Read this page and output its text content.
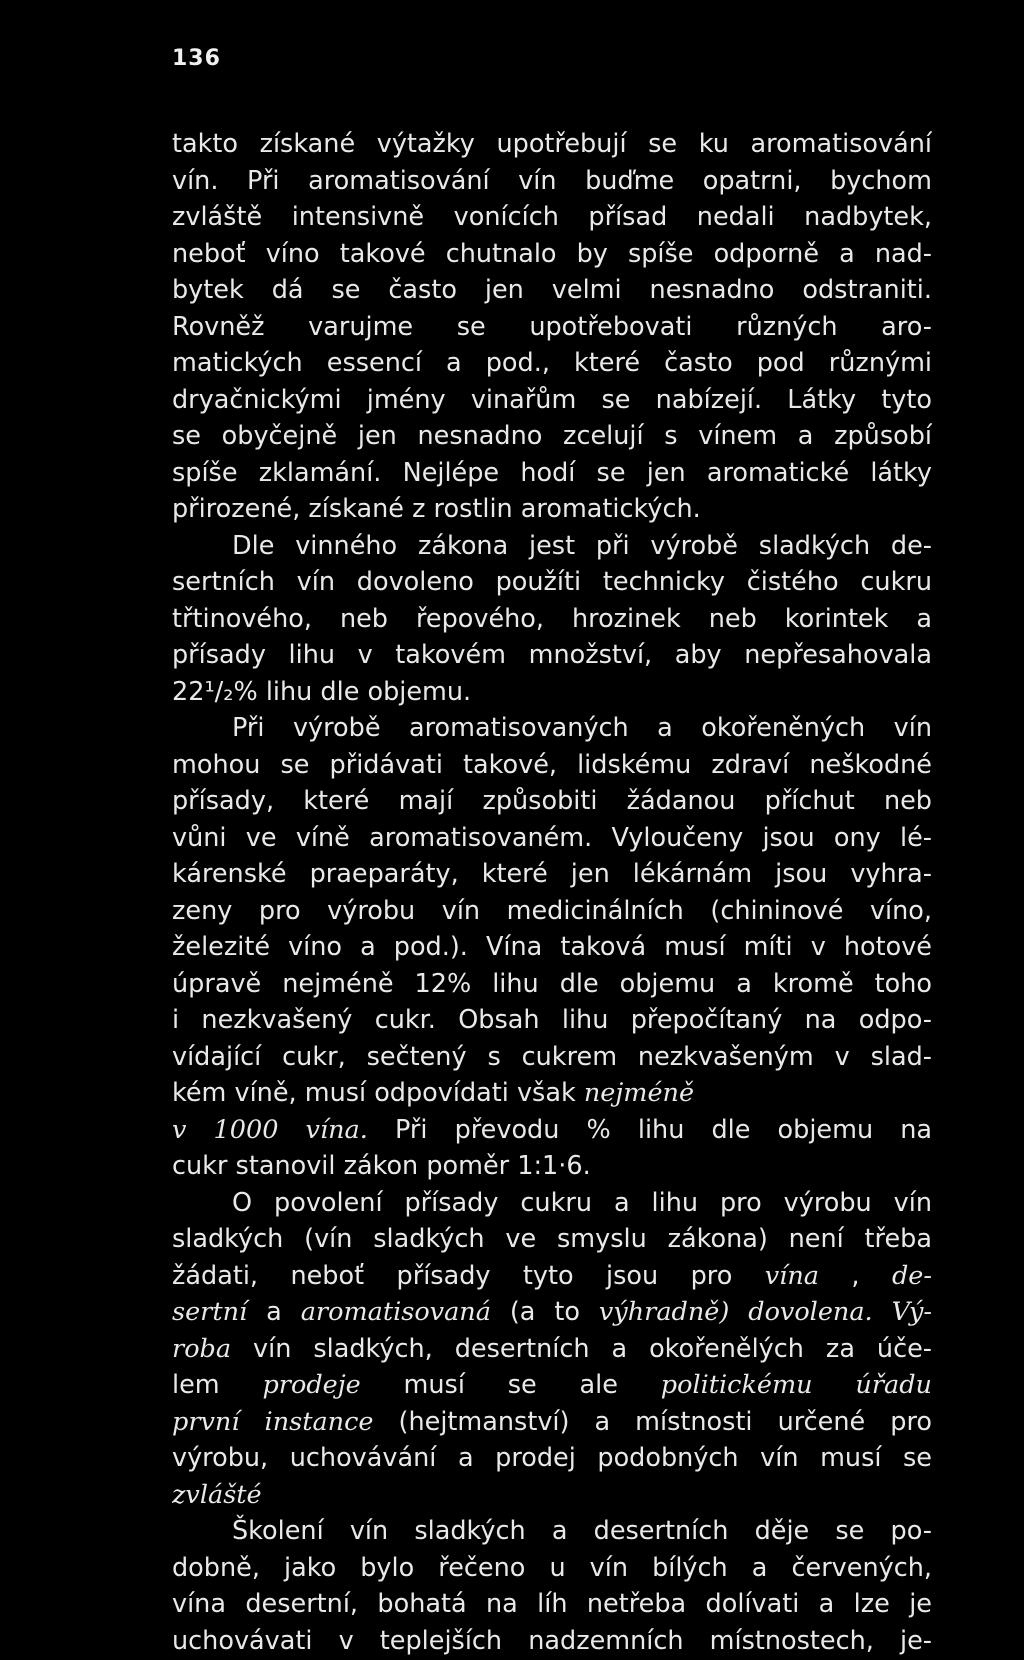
136
takto získané výtažky upotřebují se ku aromatisování
vín. Při aromatisování vín buďme opatrni, bychom
zvláště intensivně vonících přísad nedali nadbytek,
neboť víno takové chutnalo by spíše odporně a nad-
bytek dá se často jen velmi nesnadno odstraniti.
Rovněž varujme se upotřebovati různých aro-
matických essencí a pod., které často pod různými
dryačnickými jmény vinařům se nabízejí. Látky tyto
se obyčejně jen nesnadno zcelují s vínem a způsobí
spíše zklamání. Nejlépe hodí se jen aromatické látky
přirozené, získané z rostlin aromatických.
Dle vinného zákona jest při výrobě sladkých de-
sertních vín dovoleno použíti technicky čistého cukru
třtinového, neb řepového, hrozinek neb korintek a
přísady lihu v takovém množství, aby nepřesahovala
22¹/₂% lihu dle objemu.
Při výrobě aromatisovaných a okořeněných vín
mohou se přidávati takové, lidskému zdraví neškodné
přísady, které mají způsobiti žádanou příchut neb
vůni ve víně aromatisovaném. Vyloučeny jsou ony lé-
kárenské praeparáty, které jen lékárnám jsou vyhra-
zeny pro výrobu vín medicinálních (chininové víno,
železité víno a pod.). Vína taková musí míti v hotové
úpravě nejméně 12% lihu dle objemu a kromě toho
i nezkvašený cukr. Obsah lihu přepočítaný na odpo-
vídající cukr, sečtený s cukrem nezkvašeným v slad-
kém víně, musí odpovídati však nejméně
v 1000 vína. Při převodu % lihu dle objemu na
cukr stanovil zákon poměr 1:1·6.
O povolení přísady cukru a lihu pro výrobu vín
sladkých (vín sladkých ve smyslu zákona) není třeba
žádati, neboť přísady tyto jsou pro vína , de-
sertní a aromatisovaná (a to výhradně) dovolena. Vý-
roba vín sladkých, desertních a okořenělých za úče-
lem prodeje musí se ale politickému úřadu
první instance (hejtmanství) a místnosti určené pro
výrobu, uchovávání a prodej podobných vín musí se
zvlášté
Školení vín sladkých a desertních děje se po-
dobně, jako bylo řečeno u vín bílých a červených,
vína desertní, bohatá na líh netřeba dolívati a lze je
uchovávati v teplejších nadzemních místnostech, je-
